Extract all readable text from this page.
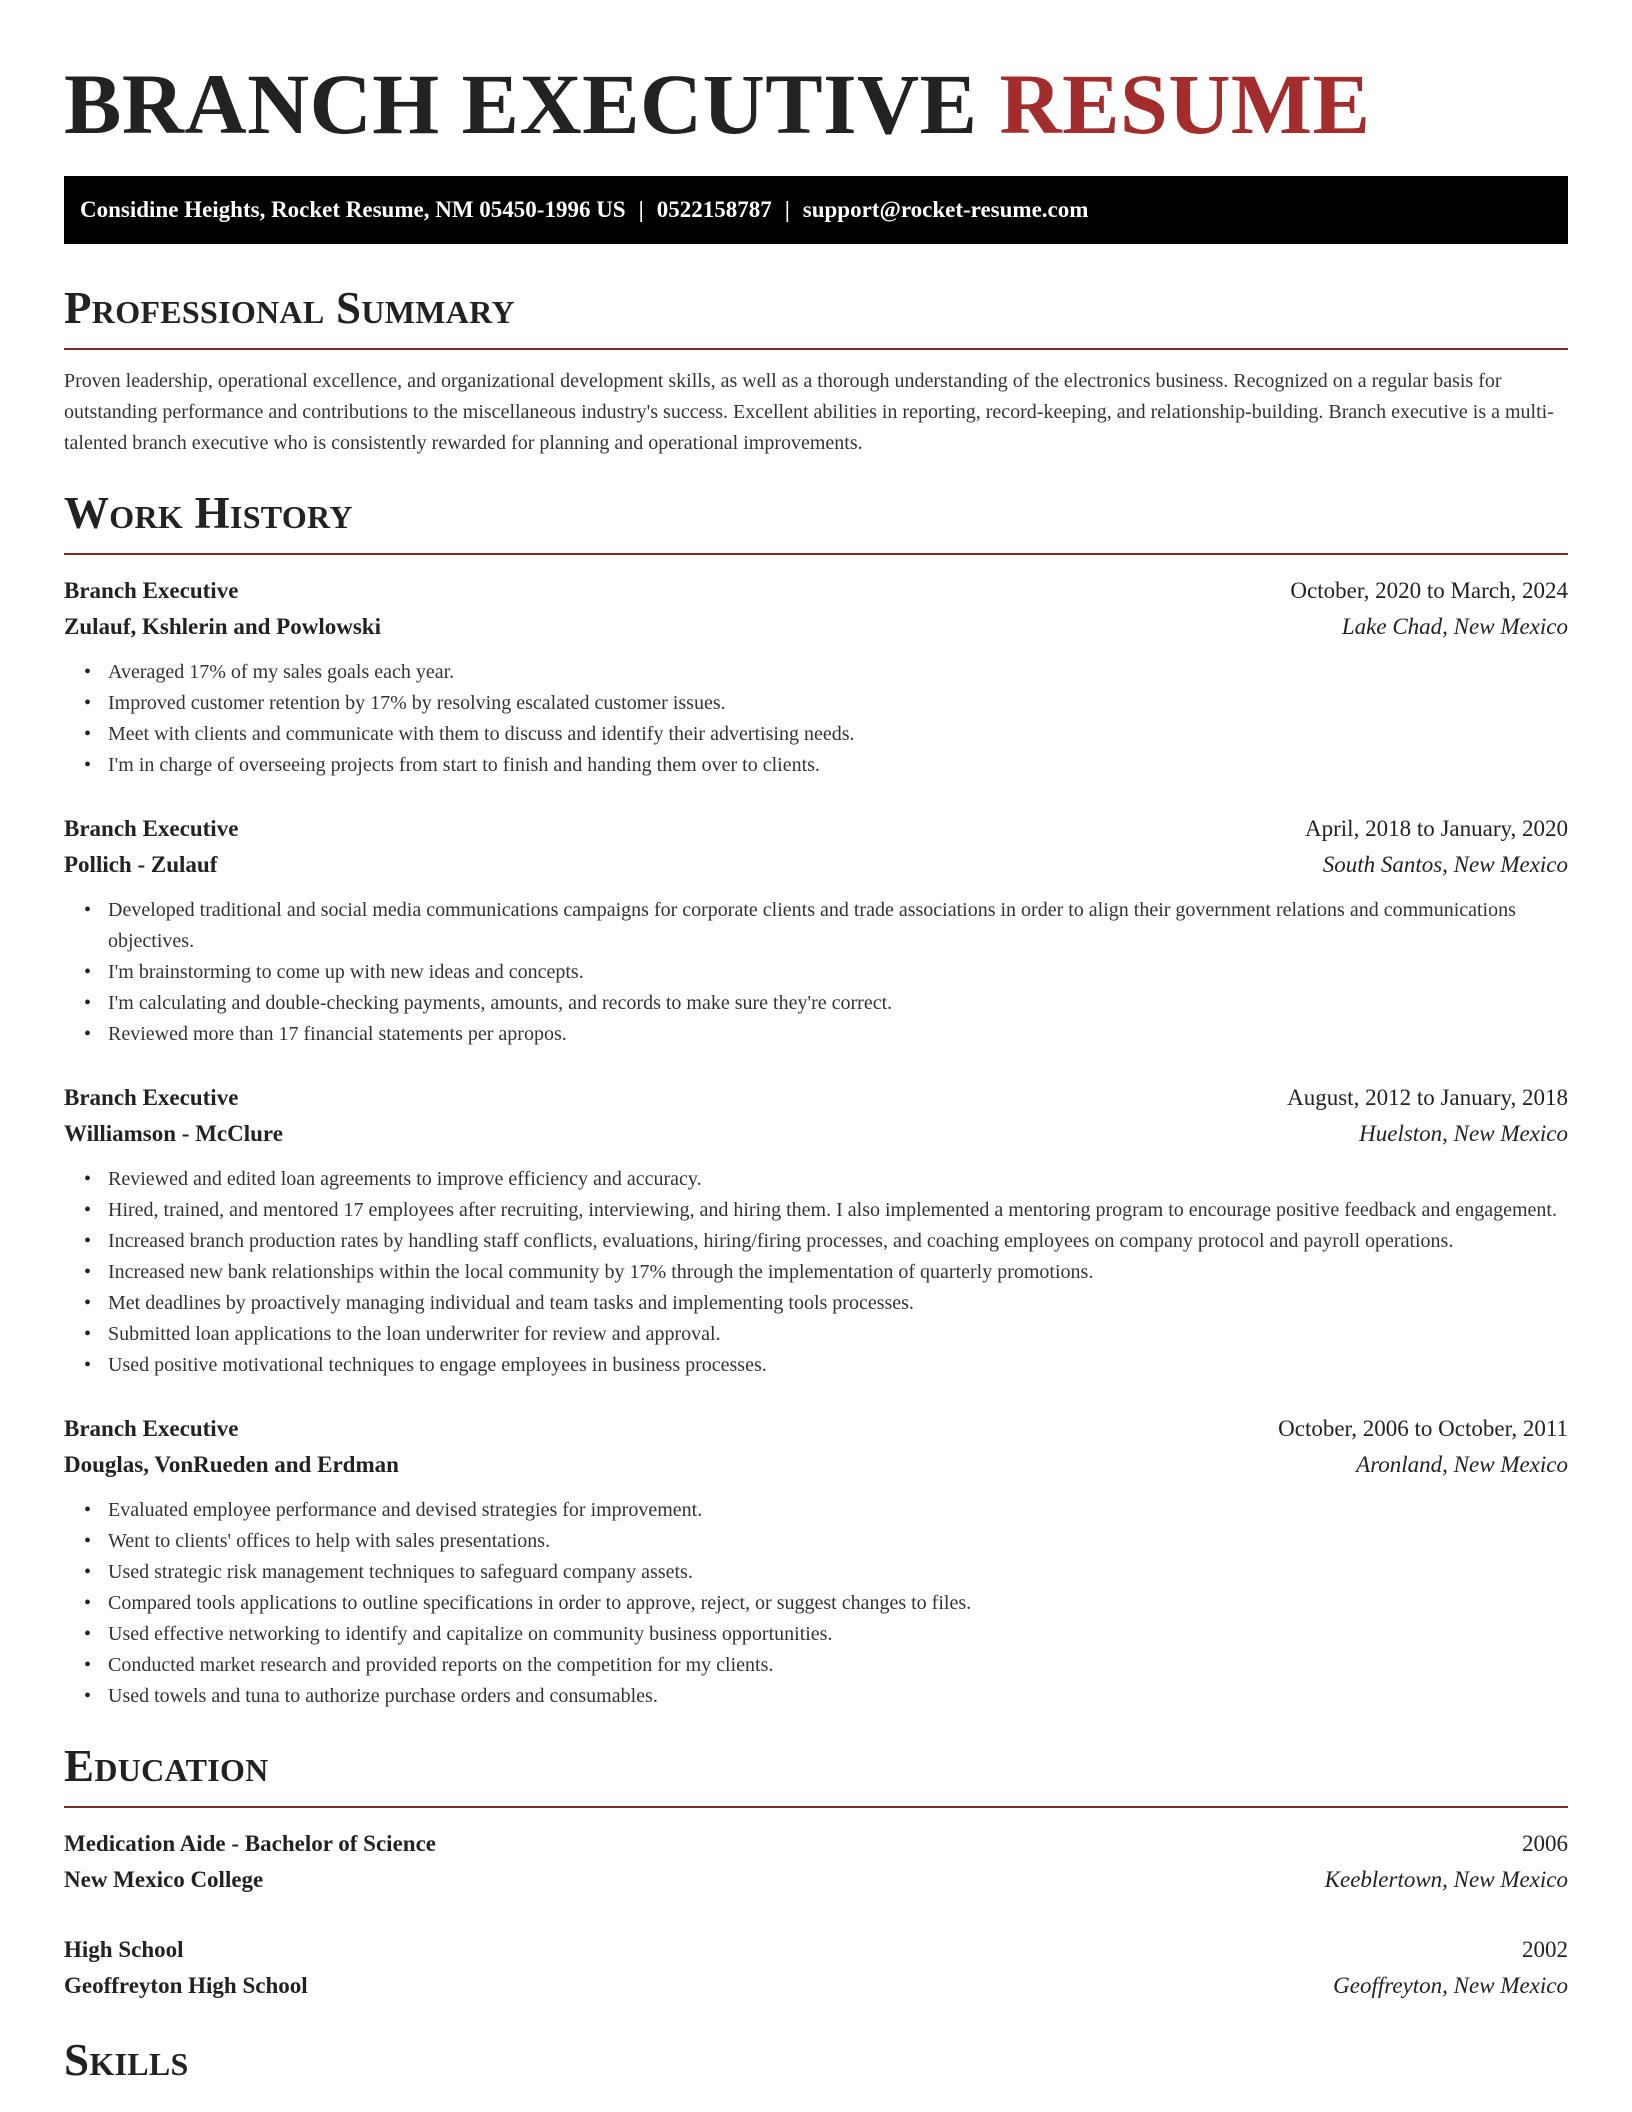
BRANCH EXECUTIVE RESUME
Considine Heights, Rocket Resume, NM 05450-1996 US | 0522158787 | support@rocket-resume.com
Professional Summary

Proven leadership, operational excellence, and organizational development skills, as well as a thorough understanding of the electronics business. Recognized on a regular basis for outstanding performance and contributions to the miscellaneous industry's success. Excellent abilities in reporting, record-keeping, and relationship-building. Branch executive is a multi-talented branch executive who is consistently rewarded for planning and operational improvements.

Work History
Branch Executive	October, 2020 to March, 2024
Zulauf, Kshlerin and Powlowski	Lake Chad, New Mexico
• Averaged 17% of my sales goals each year.
• Improved customer retention by 17% by resolving escalated customer issues.
• Meet with clients and communicate with them to discuss and identify their advertising needs.
• I'm in charge of overseeing projects from start to finish and handing them over to clients.
Branch Executive	April, 2018 to January, 2020
Pollich - Zulauf	South Santos, New Mexico
• Developed traditional and social media communications campaigns for corporate clients and trade associations in order to align their government relations and communications objectives.
• I'm brainstorming to come up with new ideas and concepts.
• I'm calculating and double-checking payments, amounts, and records to make sure they're correct.
• Reviewed more than 17 financial statements per apropos.
Branch Executive	August, 2012 to January, 2018
Williamson - McClure	Huelston, New Mexico
• Reviewed and edited loan agreements to improve efficiency and accuracy.
• Hired, trained, and mentored 17 employees after recruiting, interviewing, and hiring them. I also implemented a mentoring program to encourage positive feedback and engagement.
• Increased branch production rates by handling staff conflicts, evaluations, hiring/firing processes, and coaching employees on company protocol and payroll operations.
• Increased new bank relationships within the local community by 17% through the implementation of quarterly promotions.
• Met deadlines by proactively managing individual and team tasks and implementing tools processes.
• Submitted loan applications to the loan underwriter for review and approval.
• Used positive motivational techniques to engage employees in business processes.
Branch Executive	October, 2006 to October, 2011
Douglas, VonRueden and Erdman	Aronland, New Mexico
• Evaluated employee performance and devised strategies for improvement.
• Went to clients' offices to help with sales presentations.
• Used strategic risk management techniques to safeguard company assets.
• Compared tools applications to outline specifications in order to approve, reject, or suggest changes to files.
• Used effective networking to identify and capitalize on community business opportunities.
• Conducted market research and provided reports on the competition for my clients.
• Used towels and tuna to authorize purchase orders and consumables.
Education
Medication Aide - Bachelor of Science	2006
New Mexico College	Keeblertown, New Mexico
High School	2002
Geoffreyton High School	Geoffreyton, New Mexico
Skills
